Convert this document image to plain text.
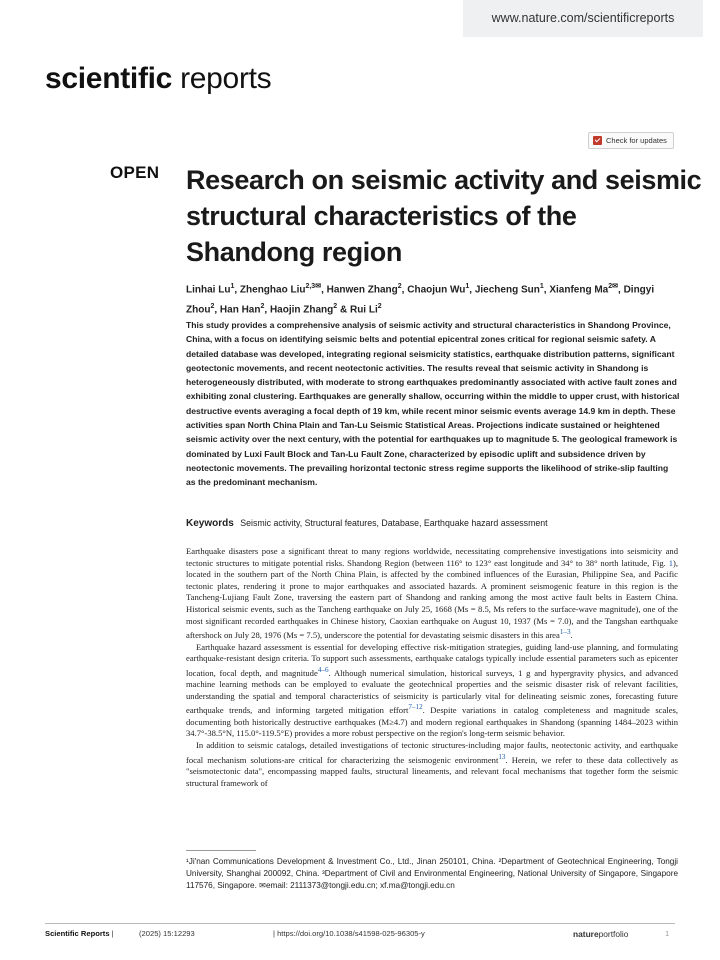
www.nature.com/scientificreports
scientific reports
Check for updates
OPEN Research on seismic activity and seismic structural characteristics of the Shandong region
Linhai Lu$^1$, Zhenghao Liu$^{2,3✉}$, Hanwen Zhang$^2$, Chaojun Wu$^1$, Jiecheng Sun$^1$, Xianfeng $Ma^{2✉}$, Dingyi Zhou$^2$, Han Han$^2$, Haojin Zhang$^2$ & Rui Li$^2$

This study provides a comprehensive analysis of seismic activity and structural characteristics in Shandong Province, China, with a focus on identifying seismic belts and potential epicentral zones critical for regional seismic safety. A detailed database was developed, integrating regional seismicity statistics, earthquake distribution patterns, significant geotectonic movements, and recent neotectonic activities. The results reveal that seismic activity in Shandong is heterogeneously distributed, with moderate to strong earthquakes predominantly associated with active fault zones and exhibiting zonal clustering. Earthquakes are generally shallow, occurring within the middle to upper crust, with historical destructive events averaging a focal depth of 19 km, while recent minor seismic events average 14.9 km in depth. These activities span North China Plain and Tan-Lu Seismic Statistical Areas. Projections indicate sustained or heightened seismic activity over the next century, with the potential for earthquakes up to magnitude 5. The geological framework is dominated by Luxi Fault Block and Tan-Lu Fault Zone, characterized by episodic uplift and subsidence driven by neotectonic movements. The prevailing horizontal tectonic stress regime supports the likelihood of strike-slip faulting as the predominant mechanism.

Keywords Seismic activity, Structural features, Database, Earthquake hazard assessment

Earthquake disasters pose a significant threat to many regions worldwide, necessitating comprehensive investigations into seismicity and tectonic structures to mitigate potential risks. Shandong Region (between 116° to 123° east longitude and 34° to 38° north latitude, Fig. 1), located in the southern part of the North China Plain, is affected by the combined influences of the Eurasian, Philippine Sea, and Pacific tectonic plates, rendering it prone to major earthquakes and associated hazards. A prominent seismogenic feature in this region is the Tancheng-Lujiang Fault Zone, traversing the eastern part of Shandong and ranking among the most active fault belts in Eastern China. Historical seismic events, such as the Tancheng earthquake on July 25, 1668 (Ms = 8.5, Ms refers to the surface-wave magnitude), one of the most significant recorded earthquakes in Chinese history, Caoxian earthquake on August 10, 1937 (Ms = 7.0), and the Tangshan earthquake aftershock on July 28, 1976 (Ms = 7.5), underscore the potential for devastating seismic disasters in this area$^{1-3}$.

Earthquake hazard assessment is essential for developing effective risk-mitigation strategies, guiding land-use planning, and formulating earthquake-resistant design criteria. To support such assessments, earthquake catalogs typically include essential parameters such as epicenter location, focal depth, and magnitude$^{4-6}$. Although numerical simulation, historical surveys, 1 g and hypergravity physics, and advanced machine learning methods can be employed to evaluate the geotechnical properties and the seismic disaster risk of relevant facilities, understanding the spatial and temporal characteristics of seismicity is particularly vital for delineating seismic zones, forecasting future earthquake trends, and informing targeted mitigation effort$^{7-12}$. Despite variations in catalog completeness and magnitude scales, documenting both historically destructive earthquakes (M≥4.7) and modern regional earthquakes in Shandong (spanning 1484–2023 within 34.7°-38.5°N, 115.0°-119.5°E) provides a more robust perspective on the region's long-term seismic behavior.

In addition to seismic catalogs, detailed investigations of tectonic structures-including major faults, neotectonic activity, and earthquake focal mechanism solutions-are critical for characterizing the seismogenic environment$^{13}$. Herein, we refer to these data collectively as "seismotectonic data", encompassing mapped faults, structural lineaments, and relevant focal mechanisms that together form the seismic structural framework of

¹Ji'nan Communications Development & Investment Co., Ltd., Jinan 250101, China. ²Department of Geotechnical Engineering, Tongji University, Shanghai 200092, China. ³Department of Civil and Environmental Engineering, National University of Singapore, Singapore 117576, Singapore. ✉email: 2111373@tongji.edu.cn; xf.ma@tongji.edu.cn
Scientific Reports |	(2025) 15:12293	| https://doi.org/10.1038/s41598-025-96305-y	natureportfolio	1
